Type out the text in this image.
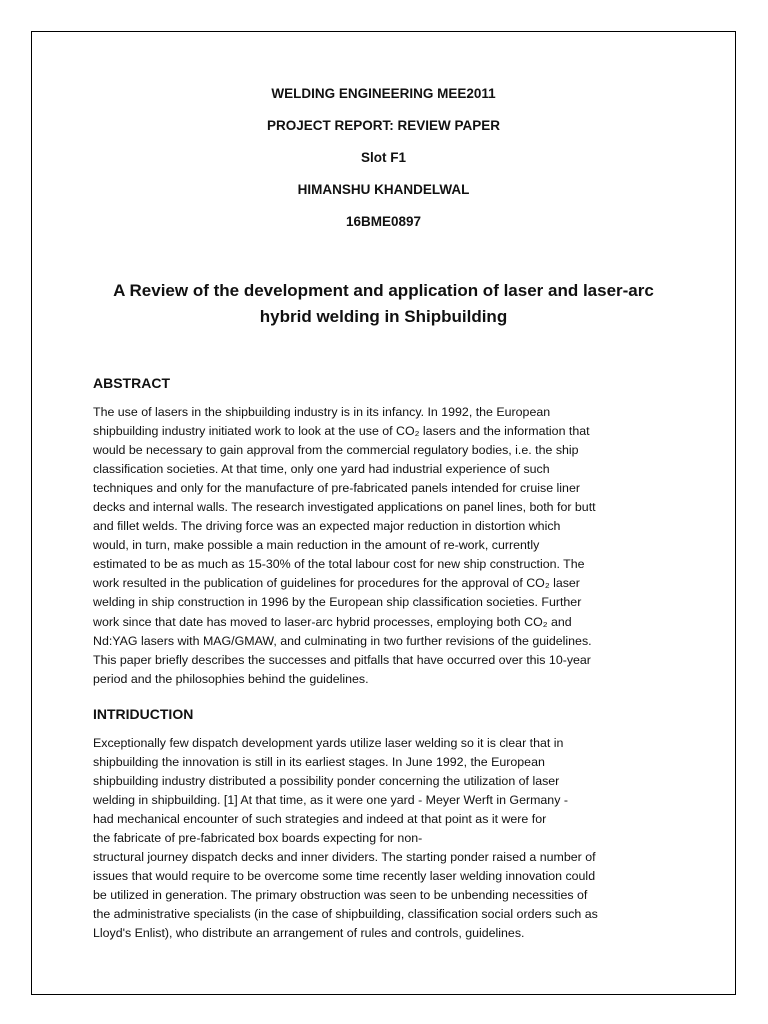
WELDING ENGINEERING MEE2011

PROJECT REPORT: REVIEW PAPER

Slot F1

HIMANSHU KHANDELWAL

16BME0897

A Review of the development and application of laser and laser-arc
hybrid welding in Shipbuilding
ABSTRACT
The use of lasers in the shipbuilding industry is in its infancy. In 1992, the European
shipbuilding industry initiated work to look at the use of CO₂ lasers and the information that
would be necessary to gain approval from the commercial regulatory bodies, i.e. the ship
classification societies. At that time, only one yard had industrial experience of such
techniques and only for the manufacture of pre-fabricated panels intended for cruise liner
decks and internal walls. The research investigated applications on panel lines, both for butt
and fillet welds. The driving force was an expected major reduction in distortion which
would, in turn, make possible a main reduction in the amount of re-work, currently
estimated to be as much as 15-30% of the total labour cost for new ship construction. The
work resulted in the publication of guidelines for procedures for the approval of CO₂ laser
welding in ship construction in 1996 by the European ship classification societies. Further
work since that date has moved to laser-arc hybrid processes, employing both CO₂ and
Nd:YAG lasers with MAG/GMAW, and culminating in two further revisions of the guidelines.
This paper briefly describes the successes and pitfalls that have occurred over this 10-year
period and the philosophies behind the guidelines.
INTRIDUCTION
Exceptionally few dispatch development yards utilize laser welding so it is clear that in
shipbuilding the innovation is still in its earliest stages. In June 1992, the European
shipbuilding industry distributed a possibility ponder concerning the utilization of laser
welding in shipbuilding. [1] At that time, as it were one yard - Meyer Werft in Germany -
had mechanical encounter of such strategies and indeed at that point as it were for
the fabricate of pre-fabricated box boards expecting for non-
structural journey dispatch decks and inner dividers. The starting ponder raised a number of
issues that would require to be overcome some time recently laser welding innovation could
be utilized in generation. The primary obstruction was seen to be unbending necessities of
the administrative specialists (in the case of shipbuilding, classification social orders such as
Lloyd's Enlist), who distribute an arrangement of rules and controls, guidelines.
